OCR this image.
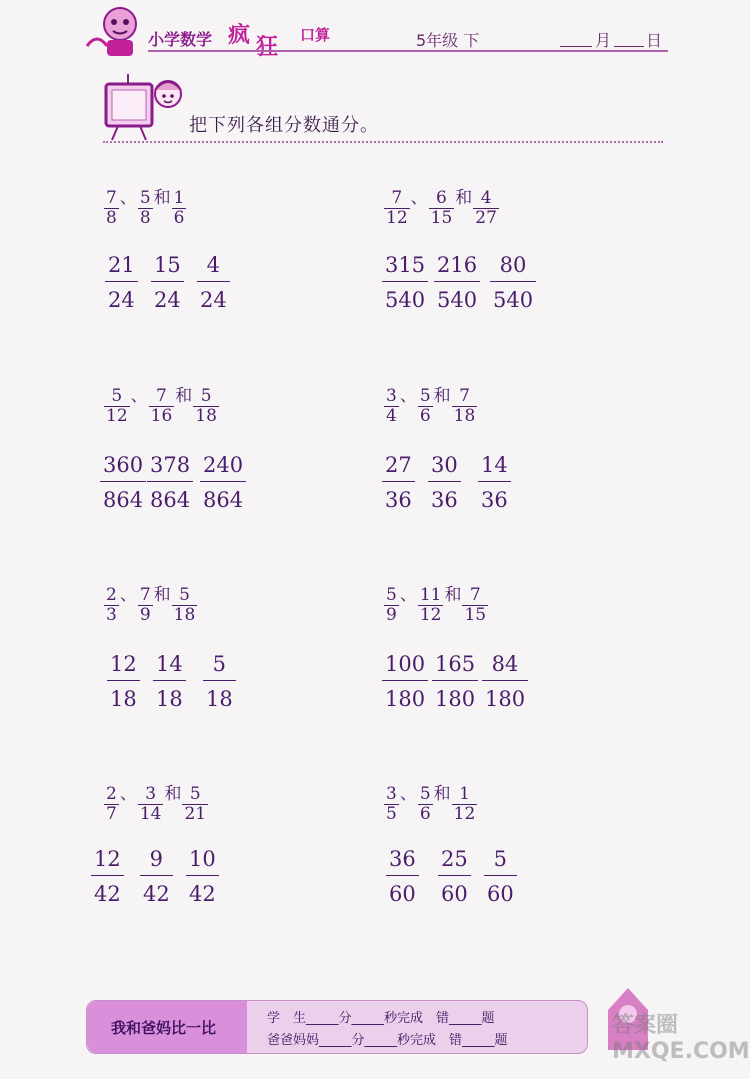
小学数学 疯 狂 口算	5年级 下	月 日
把下列各组分数通分。
$\frac{7}{8}$ 、 $\frac{5}{8}$ 和 $\frac{1}{6}$
$\frac{21}{24} \frac{15}{24} \frac{4}{24}$
$\frac{7}{12}$ 、 $\frac{6}{15}$ 和 $\frac{4}{27}$
$\frac{315}{540} \frac{216}{540} \frac{80}{540}$
$\frac{5}{12}$ 、 $\frac{7}{16}$ 和 $\frac{5}{18}$
$\frac{360}{864} \frac{378}{864} \frac{240}{864}$
$\frac{3}{4}$ 、 $\frac{5}{6}$ 和 $\frac{7}{18}$
$\frac{27}{36} \frac{30}{36} \frac{14}{36}$
$\frac{2}{3}$ 、 $\frac{7}{9}$ 和 $\frac{5}{18}$
$\frac{12}{18} \frac{14}{18} \frac{5}{18}$
$\frac{5}{9}$ 、 $\frac{11}{12}$ 和 $\frac{7}{15}$
$\frac{100}{180} \frac{165}{180} \frac{84}{180}$
$\frac{2}{7}$ 、 $\frac{3}{14}$ 和 $\frac{5}{21}$
$\frac{12}{42} \frac{9}{42} \frac{10}{42}$
$\frac{3}{5}$ 、 $\frac{5}{6}$ 和 $\frac{1}{12}$
$\frac{36}{60} \frac{25}{60} \frac{5}{60}$
我和爸妈比一比
学　生_____分_____秒完成　错_____题
爸爸妈妈_____分_____秒完成　错_____题
答案圈 MXQE.COM
